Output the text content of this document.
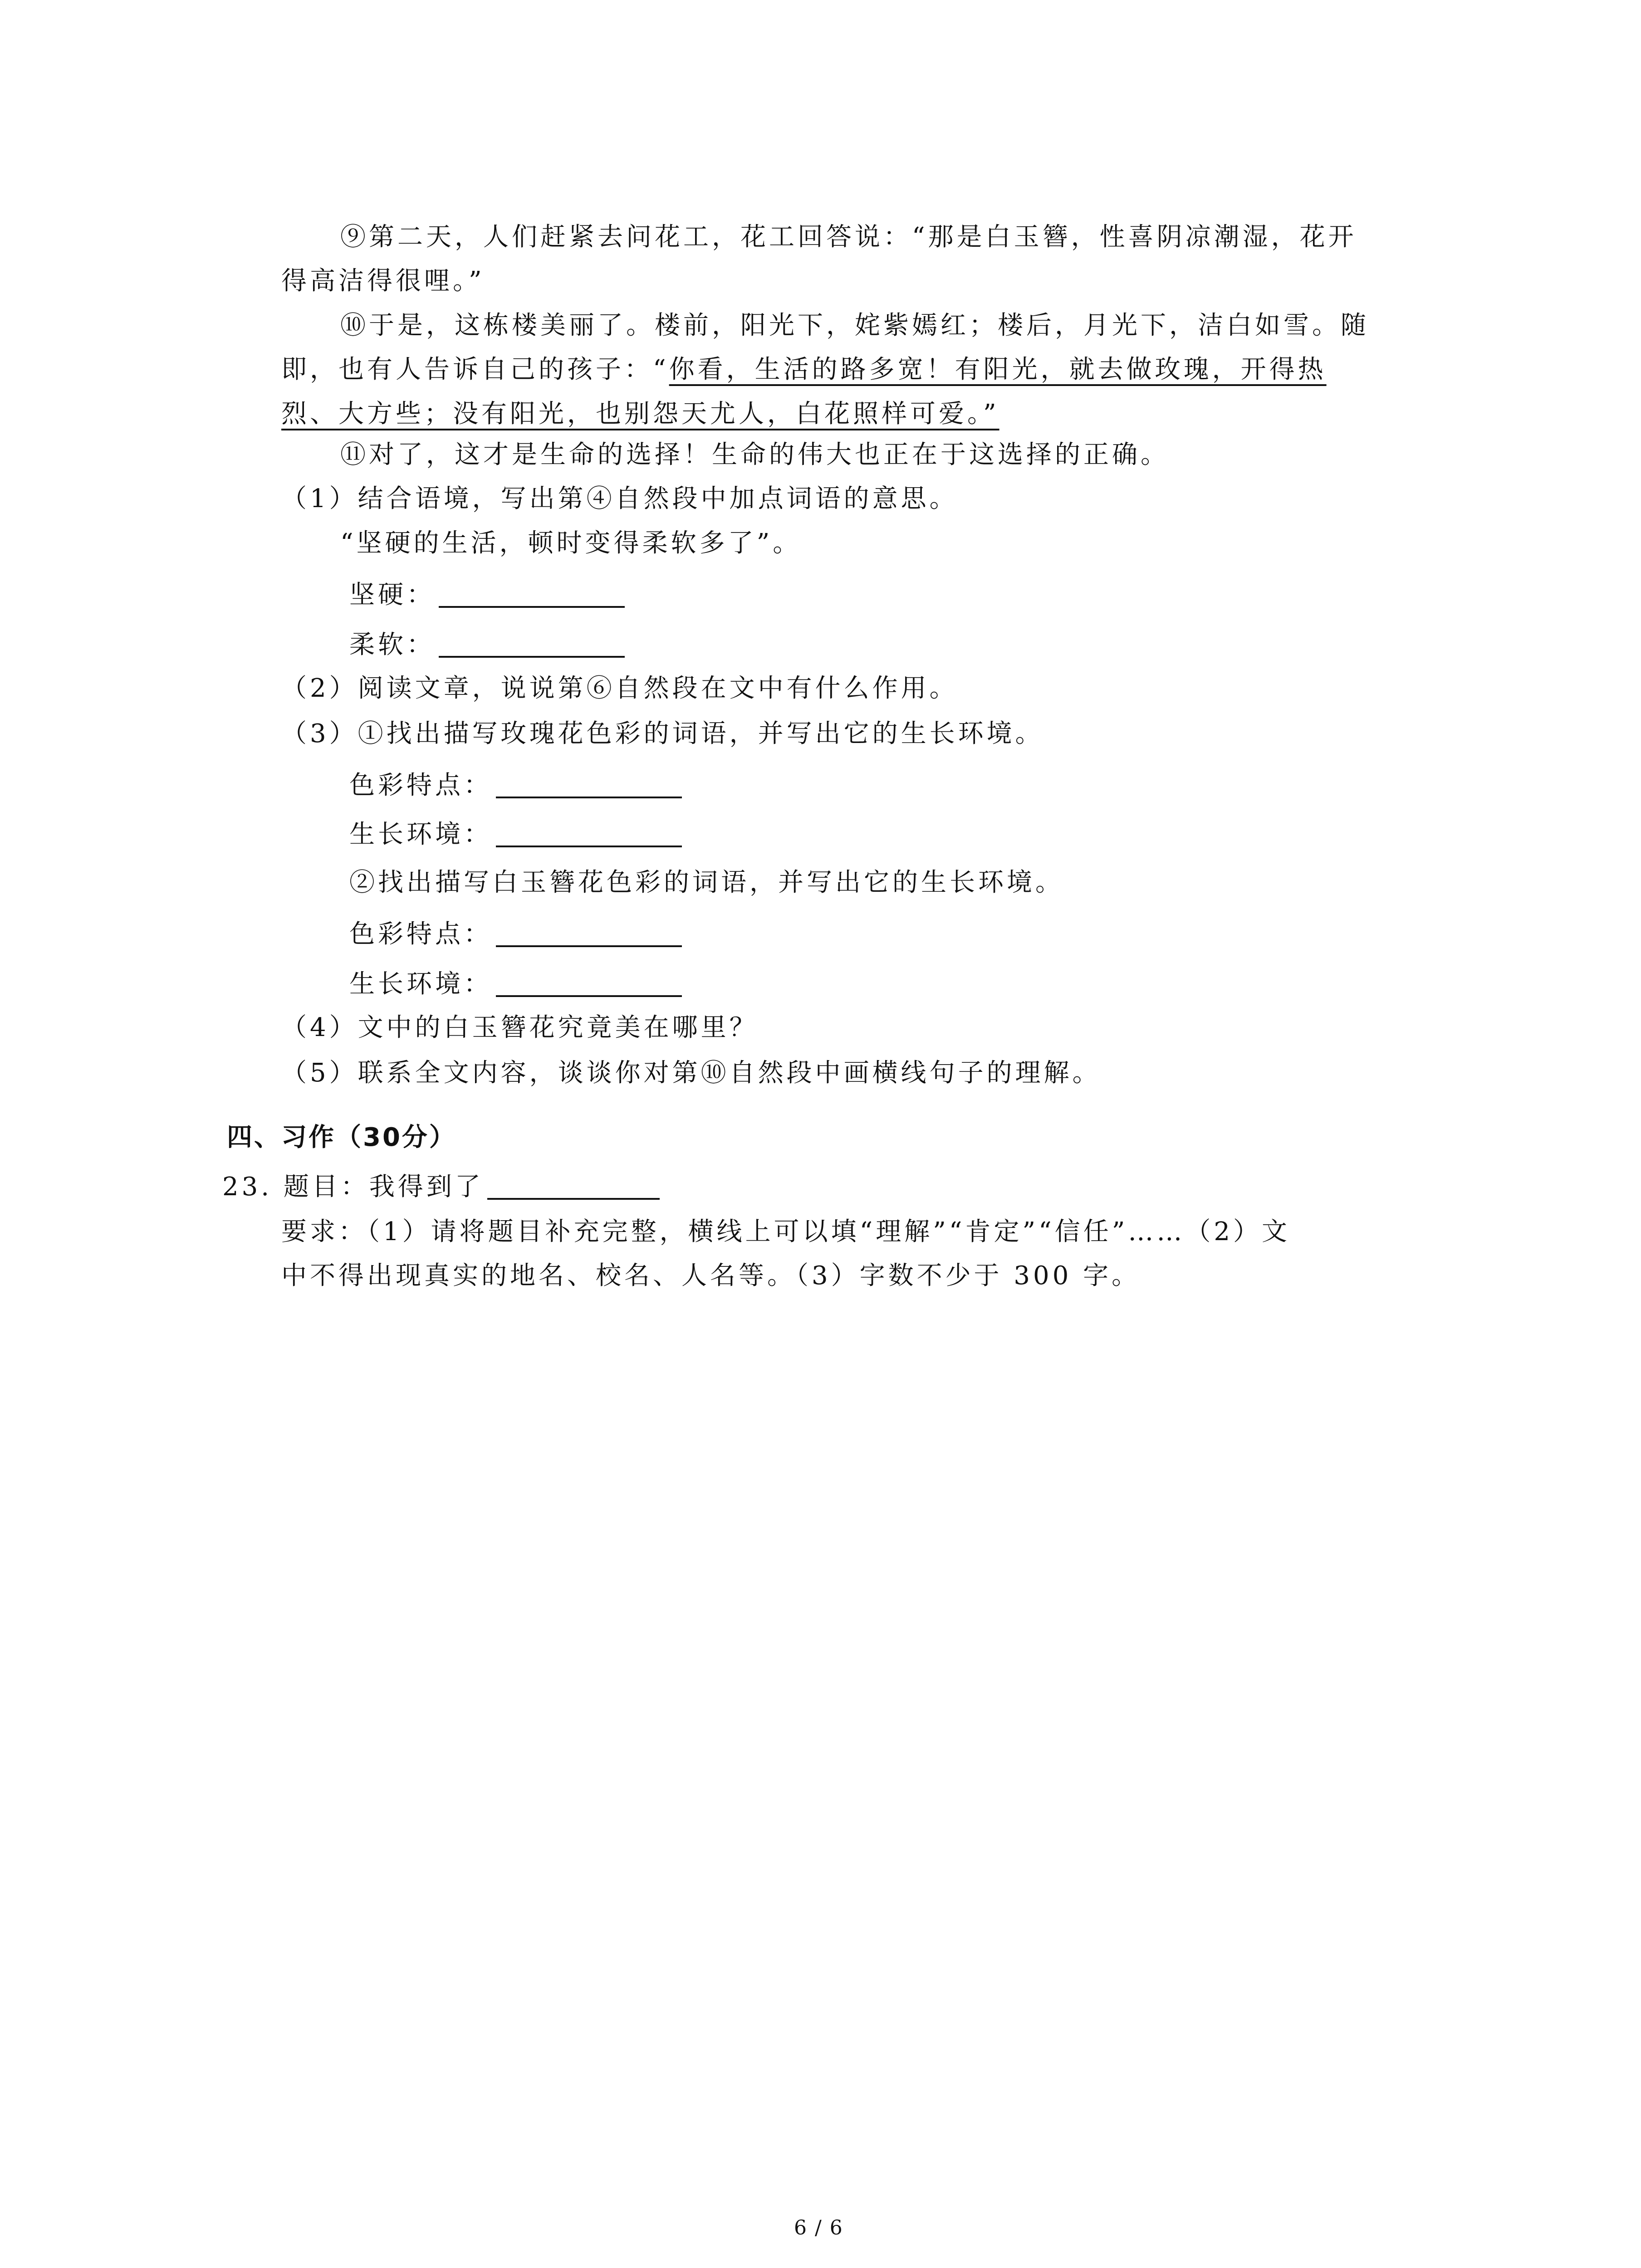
⑨第二天，人们赶紧去问花工，花工回答说：“那是白玉簪，性喜阴凉潮湿，花开
得高洁得很哩。”
⑩于是，这栋楼美丽了。楼前，阳光下，姹紫嫣红；楼后，月光下，洁白如雪。随
即，也有人告诉自己的孩子：“你看，生活的路多宽！有阳光，就去做玫瑰，开得热
烈、大方些；没有阳光，也别怨天尤人，白花照样可爱。”
⑪对了，这才是生命的选择！生命的伟大也正在于这选择的正确。
（1）结合语境，写出第④自然段中加点词语的意思。
“坚硬的生活，顿时变得柔软多了”。
坚硬：
柔软：
（2）阅读文章，说说第⑥自然段在文中有什么作用。
（3）①找出描写玫瑰花色彩的词语，并写出它的生长环境。
色彩特点：
生长环境：
②找出描写白玉簪花色彩的词语，并写出它的生长环境。
色彩特点：
生长环境：
（4）文中的白玉簪花究竟美在哪里？
（5）联系全文内容，谈谈你对第⑩自然段中画横线句子的理解。
四、习作（30分）
23. 题目：我得到了
要求：（1）请将题目补充完整，横线上可以填“理解”“肯定”“信任”……（2）文
中不得出现真实的地名、校名、人名等。（3）字数不少于 300 字。
6 / 6
